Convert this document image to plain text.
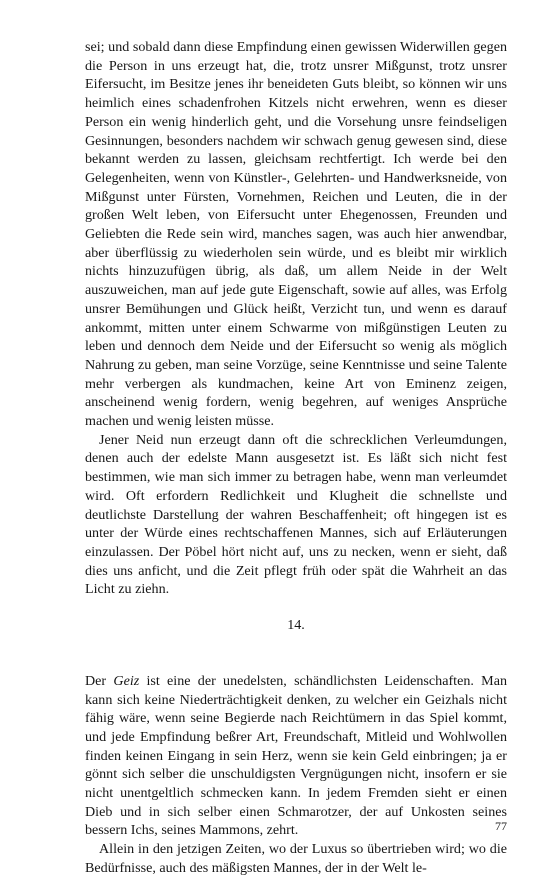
sei; und sobald dann diese Empfindung einen gewissen Widerwillen gegen die Person in uns erzeugt hat, die, trotz unsrer Mißgunst, trotz unsrer Eifersucht, im Besitze jenes ihr beneideten Guts bleibt, so können wir uns heimlich eines schadenfrohen Kitzels nicht erwehren, wenn es dieser Person ein wenig hinderlich geht, und die Vorsehung unsre feindseligen Gesinnungen, besonders nachdem wir schwach genug gewesen sind, diese bekannt werden zu lassen, gleichsam rechtfertigt. Ich werde bei den Gelegenheiten, wenn von Künstler-, Gelehrten- und Handwerksneide, von Mißgunst unter Fürsten, Vornehmen, Reichen und Leuten, die in der großen Welt leben, von Eifersucht unter Ehegenossen, Freunden und Geliebten die Rede sein wird, manches sagen, was auch hier anwendbar, aber überflüssig zu wiederholen sein würde, und es bleibt mir wirklich nichts hinzuzufügen übrig, als daß, um allem Neide in der Welt auszuweichen, man auf jede gute Eigenschaft, sowie auf alles, was Erfolg unsrer Bemühungen und Glück heißt, Verzicht tun, und wenn es darauf ankommt, mitten unter einem Schwarme von mißgünstigen Leuten zu leben und dennoch dem Neide und der Eifersucht so wenig als möglich Nahrung zu geben, man seine Vorzüge, seine Kenntnisse und seine Talente mehr verbergen als kundmachen, keine Art von Eminenz zeigen, anscheinend wenig fordern, wenig begehren, auf weniges Ansprüche machen und wenig leisten müsse.

Jener Neid nun erzeugt dann oft die schrecklichen Verleumdungen, denen auch der edelste Mann ausgesetzt ist. Es läßt sich nicht fest bestimmen, wie man sich immer zu betragen habe, wenn man verleumdet wird. Oft erfordern Redlichkeit und Klugheit die schnellste und deutlichste Darstellung der wahren Beschaffenheit; oft hingegen ist es unter der Würde eines rechtschaffenen Mannes, sich auf Erläuterungen einzulassen. Der Pöbel hört nicht auf, uns zu necken, wenn er sieht, daß dies uns anficht, und die Zeit pflegt früh oder spät die Wahrheit an das Licht zu ziehn.

14.

Der Geiz ist eine der unedelsten, schändlichsten Leidenschaften. Man kann sich keine Niederträchtigkeit denken, zu welcher ein Geizhals nicht fähig wäre, wenn seine Begierde nach Reichtümern in das Spiel kommt, und jede Empfindung beßrer Art, Freundschaft, Mitleid und Wohlwollen finden keinen Eingang in sein Herz, wenn sie kein Geld einbringen; ja er gönnt sich selber die unschuldigsten Vergnügungen nicht, insofern er sie nicht unentgeltlich schmecken kann. In jedem Fremden sieht er einen Dieb und in sich selber einen Schmarotzer, der auf Unkosten seines bessern Ichs, seines Mammons, zehrt.

Allein in den jetzigen Zeiten, wo der Luxus so übertrieben wird; wo die Bedürfnisse, auch des mäßigsten Mannes, der in der Welt le-

77
